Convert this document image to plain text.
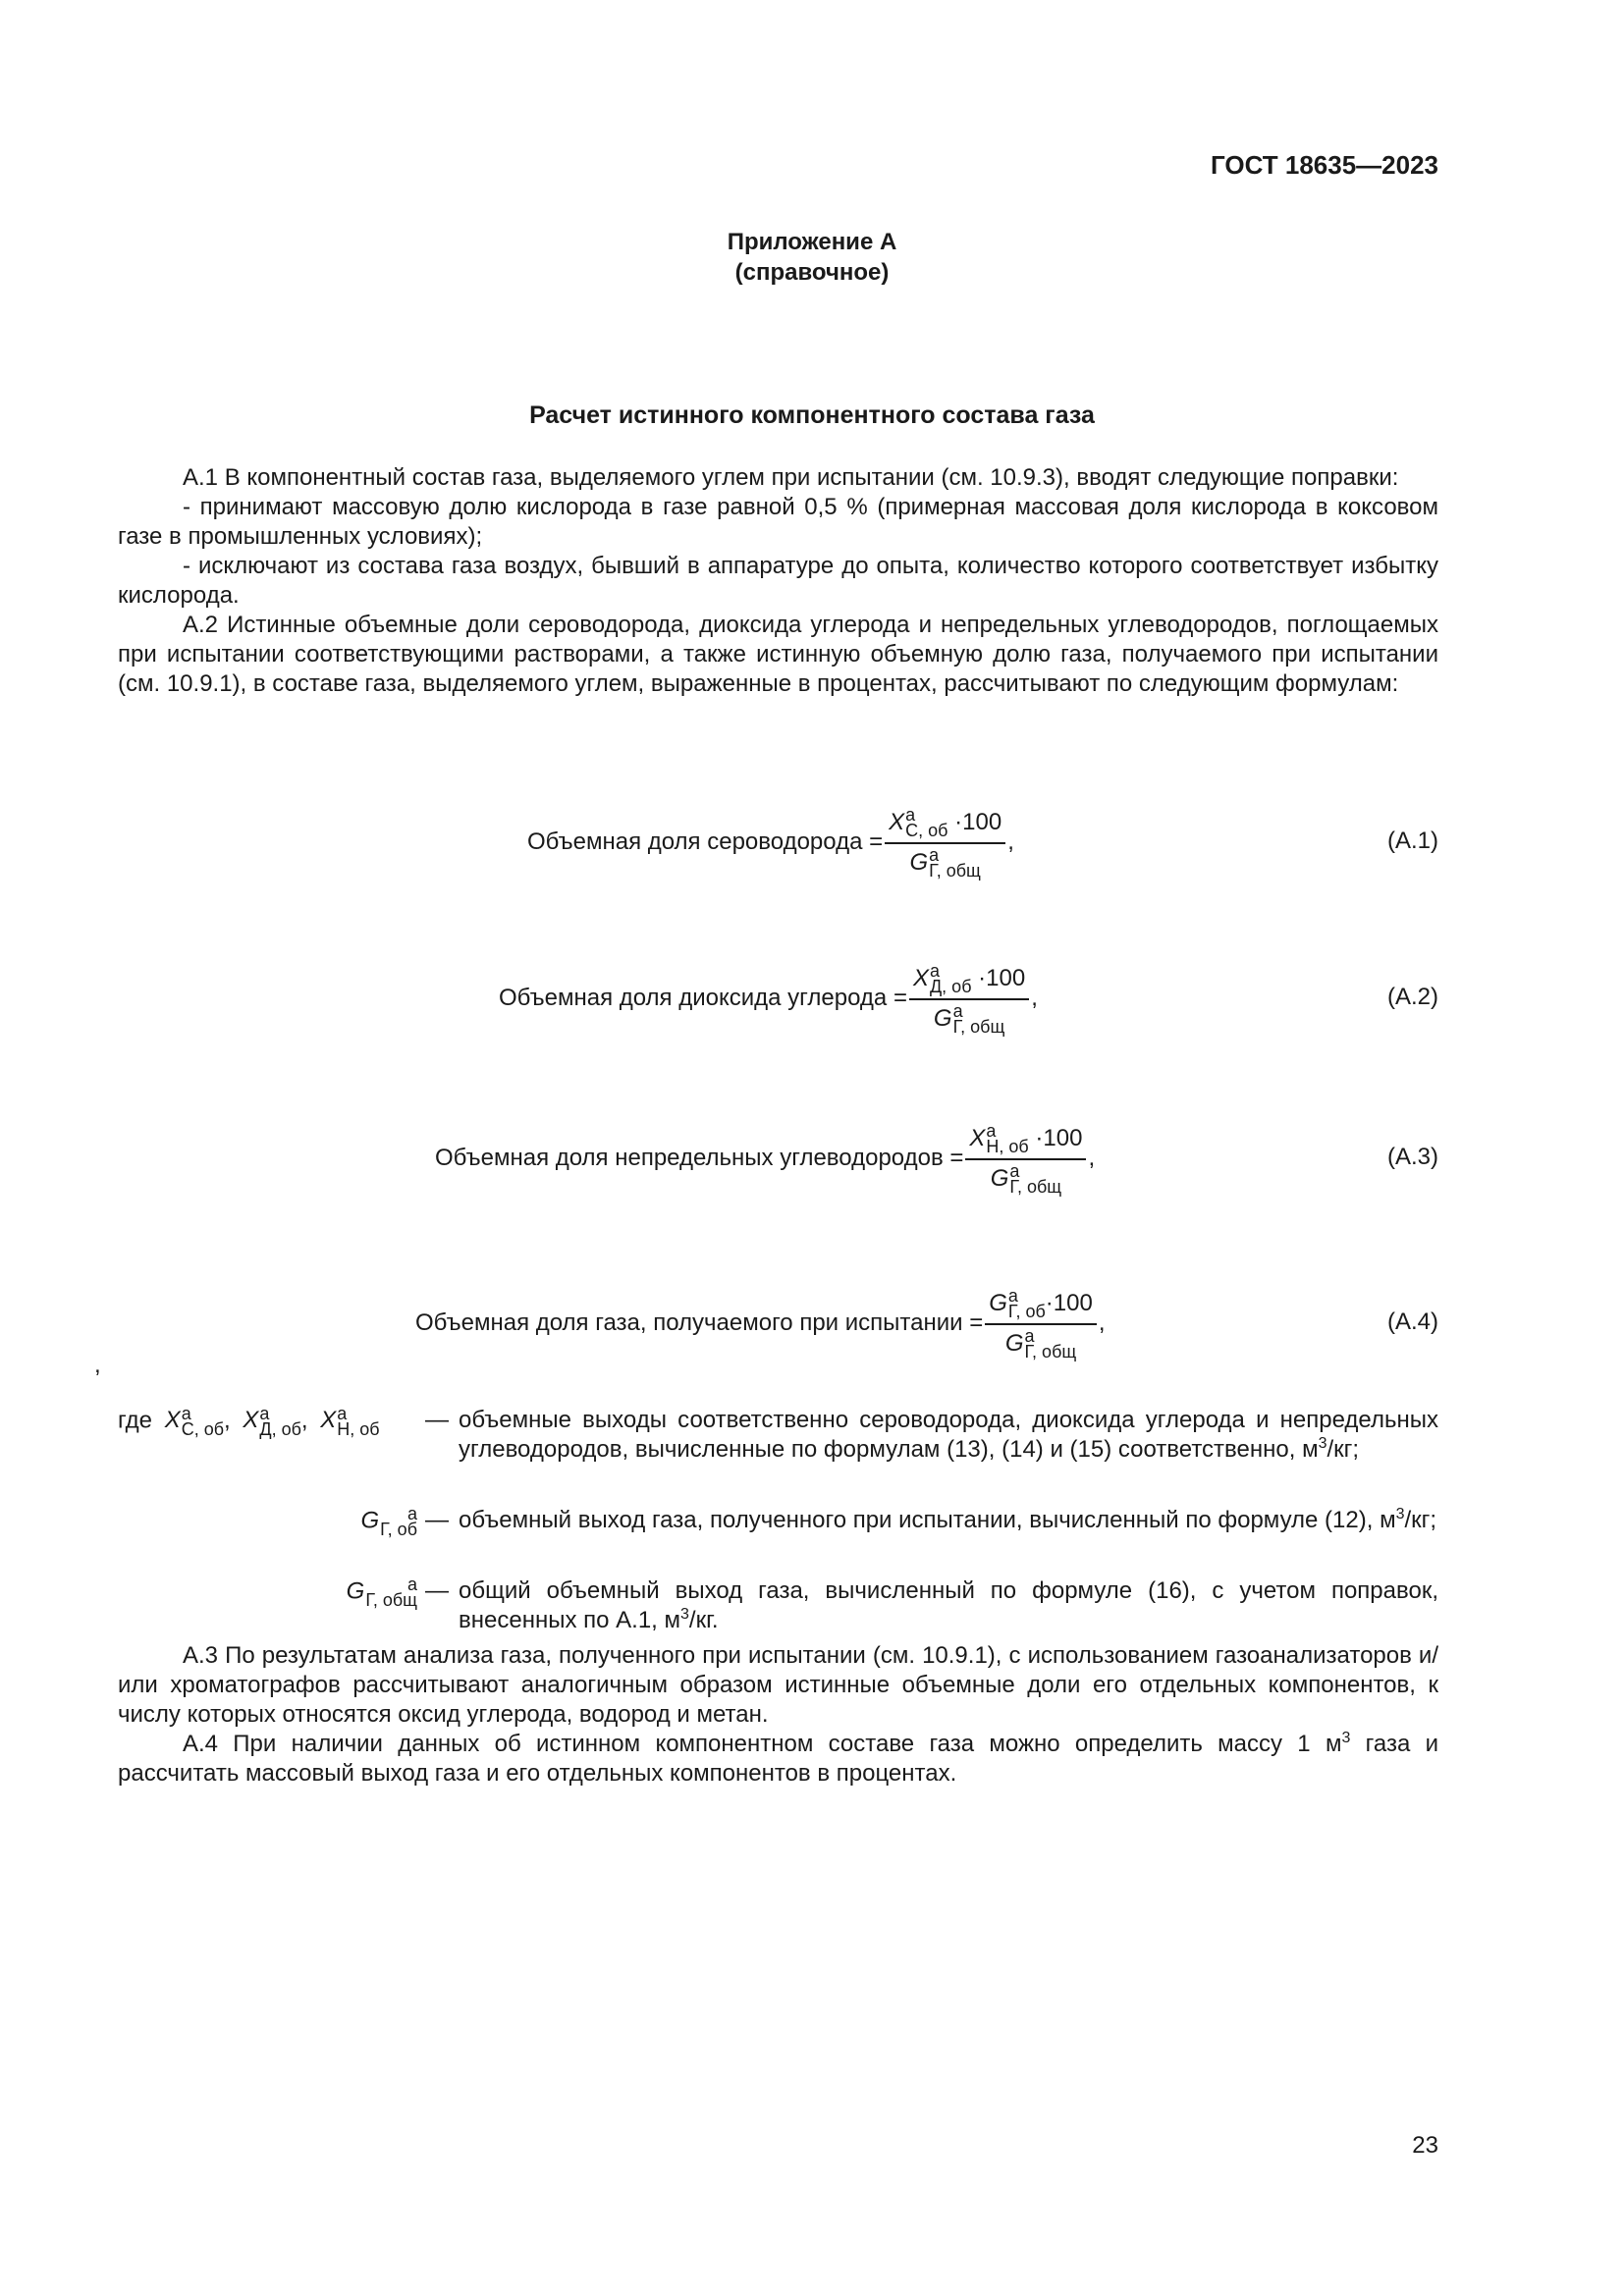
ГОСТ 18635—2023
Приложение А
(справочное)
Расчет истинного компонентного состава газа

А.1 В компонентный состав газа, выделяемого углем при испытании (см. 10.9.3), вводят следующие поправки:

- принимают массовую долю кислорода в газе равной 0,5 % (примерная массовая доля кислорода в коксовом газе в промышленных условиях);

- исключают из состава газа воздух, бывший в аппаратуре до опыта, количество которого соответствует избытку кислорода.

А.2 Истинные объемные доли сероводорода, диоксида углерода и непредельных углеводородов, поглощаемых при испытании соответствующими растворами, а также истинную объемную долю газа, получаемого при испытании (см. 10.9.1), в составе газа, выделяемого углем, выраженные в процентах, рассчитывают по следующим формулам:

Объемная доля сероводорода = X а
С, об ·100
G а
Г, общ ,	(А.1)
Объемная доля диоксида углерода = X а
Д, об ·100
G а
Г, общ ,	(А.2)
Объемная доля непредельных углеводородов = X а
Н, об ·100
G а
Г, общ ,	(А.3)
Объемная доля газа, получаемого при испытании = G а
Г, об ·100
G а
Г, общ ,	(А.4)
,
где X а
С, об , X а
Д, об , X а
Н, об — объемные выходы соответственно сероводорода, диоксида углерода и непредельных углеводородов, вычисленные по формулам (13), (14) и (15) соответственно, $м^3/кг$;
G	а
Г, об — объемный выход газа, полученного при испытании, вычисленный по формуле (12), $м^3/кг$;
G	а
Г, общ — общий объемный выход газа, вычисленный по формуле (16), с учетом поправок, внесенных по А.1, $м^3/кг$.

А.3 По результатам анализа газа, полученного при испытании (см. 10.9.1), с использованием газоанализаторов и/или хроматографов рассчитывают аналогичным образом истинные объемные доли его отдельных компонентов, к числу которых относятся оксид углерода, водород и метан.

А.4 При наличии данных об истинном компонентном составе газа можно определить массу 1 $м^3$ газа и рассчитать массовый выход газа и его отдельных компонентов в процентах.

23
